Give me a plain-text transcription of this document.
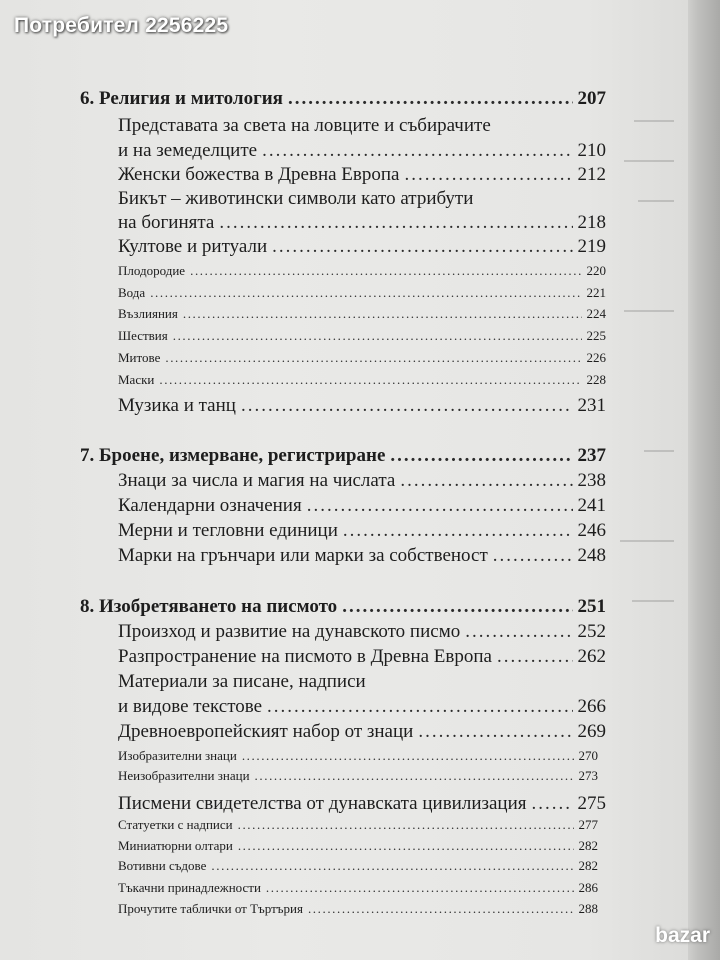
6. Религия и митология .....	207
Представата за света на ловците и събирачите
и на земеделците .....	210
Женски божества в Древна Европа .....	212
Бикът – животински символи като атрибути
на богинята .....	218
Култове и ритуали .....	219
Плодородие .....	220
Вода .....	221
Възлияния .....	224
Шествия .....	225
Митове .....	226
Маски .....	228
Музика и танц .....	231
7. Броене, измерване, регистриране .....	237
Знаци за числа и магия на числата .....	238
Календарни означения .....	241
Мерни и тегловни единици .....	246
Марки на грънчари или марки за собственост .....	248
8. Изобретяването на писмото .....	251
Произход и развитие на дунавското писмо .....	252
Разпространение на писмото в Древна Европа .....	262
Материали за писане, надписи
и видове текстове .....	266
Древноевропейският набор от знаци .....	269
Изобразителни знаци .....	270
Неизобразителни знаци .....	273
Писмени свидетелства от дунавската цивилизация .....	275
Статуетки с надписи .....	277
Миниатюрни олтари .....	282
Вотивни съдове .....	282
Тъкачни принадлежности .....	286
Прочутите таблички от Търтърия .....	288
Потребител 2256225
bazar
